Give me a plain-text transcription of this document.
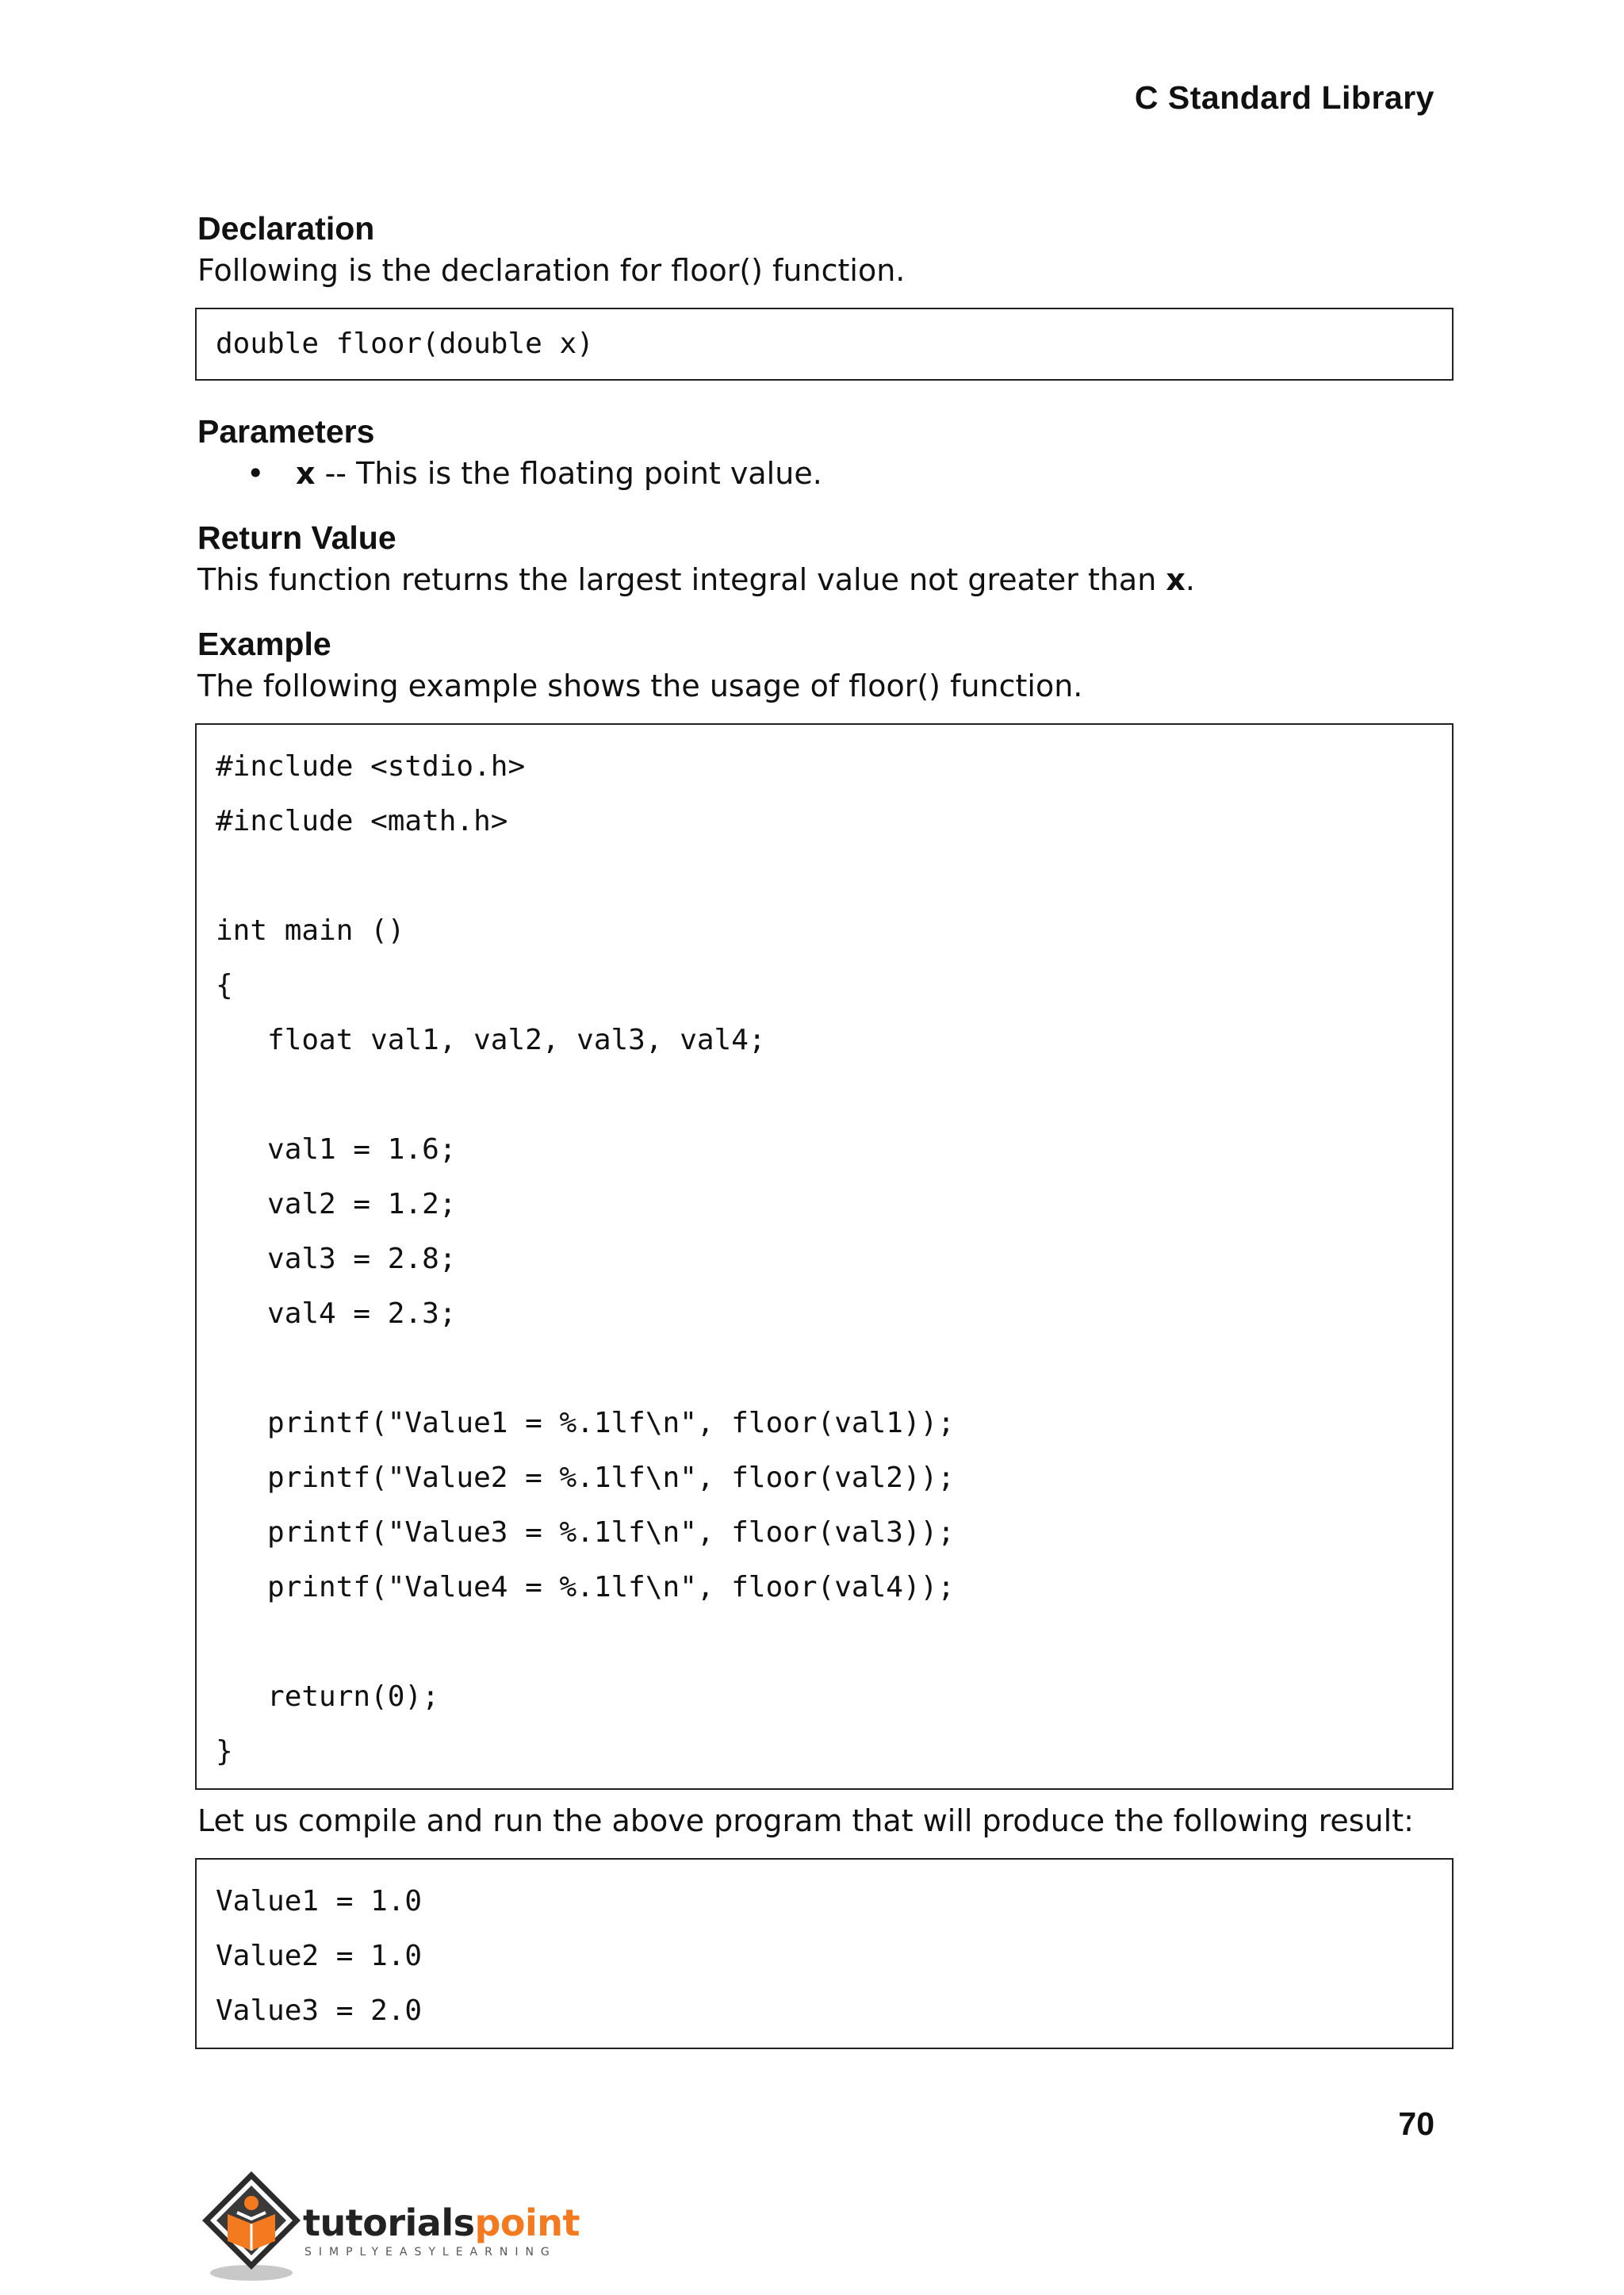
C Standard Library
Declaration

Following is the declaration for floor() function.

double floor(double x)
Parameters
• x -- This is the floating point value.
Return Value

This function returns the largest integral value not greater than x.

Example

The following example shows the usage of floor() function.

#include <stdio.h>
#include <math.h>
int main ()
{
float val1, val2, val3, val4;
val1 = 1.6;
val2 = 1.2;
val3 = 2.8;
val4 = 2.3;
printf("Value1 = %.1lf\n", floor(val1));
printf("Value2 = %.1lf\n", floor(val2));
printf("Value3 = %.1lf\n", floor(val3));
printf("Value4 = %.1lf\n", floor(val4));
return(0);
}

Let us compile and run the above program that will produce the following result:

Value1 = 1.0
Value2 = 1.0
Value3 = 2.0
70
tutorialspoint
SIMPLYEASYLEARNING
